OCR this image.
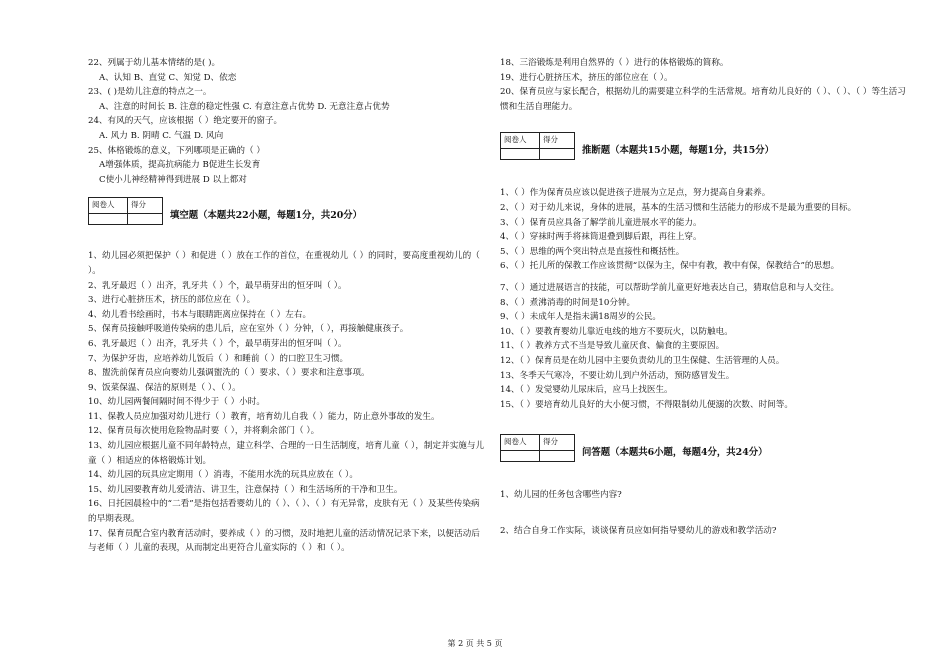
22、列属于幼儿基本情绪的是( )。
A、认知 B、直觉 C、知觉 D、依恋
23、( )是幼儿注意的特点之一。
A、注意的时间长 B. 注意的稳定性强 C. 有意注意占优势 D. 无意注意占优势
24、有风的天气，应该根据（ ）绝定要开的窗子。
A. 风力 B. 阴晴 C. 气温 D. 风向
25、体格锻炼的意义，下列哪项是正确的（ ）
A增强体质，提高抗病能力 B促进生长发育
C使小儿神经精神得到进展 D 以上都对
阅卷人	得分

填空题（本题共22小题，每题1分，共20分）
1、幼儿园必须把保护（ ）和促进（ ）放在工作的首位，在重视幼儿（ ）的同时，要高度重视幼儿的（ ）。
2、乳牙最迟（ ）出齐，乳牙共（ ）个，最早萌芽出的恒牙叫（ ）。
3、进行心脏挤压术，挤压的部位应在（ ）。
4、幼儿看书绘画时，书本与眼睛距离应保持在（ ）左右。
5、保育员接触呼吸道传染病的患儿后，应在室外（ ）分钟，（ ），再接触健康孩子。
6、乳牙最迟（ ）出齐，乳牙共（ ）个，最早萌芽出的恒牙叫（ ）。
7、为保护牙齿，应培养幼儿饭后（ ）和睡前（ ）的口腔卫生习惯。
8、盥洗前保育员应向婴幼儿强调盥洗的（ ）要求、（ ）要求和注意事项。
9、饭菜保温、保洁的原则是（ ）、（ ）。
10、幼儿园两餐间隔时间不得少于（ ）小时。
11、保教人员应加强对幼儿进行（ ）教育，培育幼儿自我（ ）能力，防止意外事故的发生。
12、保育员每次使用危险物品时要（ ），并将剩余部门（ ）。
13、幼儿园应根据儿童不同年龄特点，建立科学、合理的一日生活制度，培育儿童（ ），制定并实施与儿童（ ）相适应的体格锻炼计划。
14、幼儿园的玩具应定期用（ ）消毒，不能用水洗的玩具应放在（ ）。
15、幼儿园要教育幼儿爱清洁、讲卫生，注意保持（ ）和生活场所的干净和卫生。
16、日托园晨检中的“二看”是指包括看婴幼儿的（ ）、（ ）、（ ）有无异常，皮肤有无（ ）及某些传染病的早期表现。
17、保育员配合室内教育活动时，要养成（ ）的习惯，及时地把儿童的活动情况记录下来，以便活动后与老师（ ）儿童的表现，从而制定出更符合儿童实际的（ ）和（ ）。
18、三浴锻炼是利用自然界的（ ）进行的体格锻炼的简称。
19、进行心脏挤压术，挤压的部位应在（ ）。
20、保育员应与家长配合，根据幼儿的需要建立科学的生活常规。培育幼儿良好的（ ）、（ ）、（ ）等生活习惯和生活自理能力。
阅卷人	得分

推断题（本题共15小题，每题1分，共15分）
1、（ ）作为保育员应该以促进孩子进展为立足点，努力提高自身素养。
2、（ ）对于幼儿来说，身体的进展，基本的生活习惯和生活能力的形成不是最为重要的目标。
3、（ ）保育员应具备了解学前儿童进展水平的能力。
4、（ ）穿袜时两手将袜筒退叠到脚后跟，再往上穿。
5、（ ）思维的两个突出特点是直接性和概括性。
6、（ ）托儿所的保教工作应该贯彻“以保为主，保中有教，教中有保，保教结合”的思想。
7、（ ）通过进展语言的技能，可以帮助学前儿童更好地表达自己，猜取信息和与人交往。
8、（ ）煮沸消毒的时间是10分钟。
9、（ ）未成年人是指未满18周岁的公民。
10、（ ）要教育婴幼儿靠近电线的地方不要玩火，以防触电。
11、（ ）教养方式不当是导致儿童厌食、偏食的主要原因。
12、（ ）保育员是在幼儿园中主要负责幼儿的卫生保健、生活管理的人员。
13、冬季天气寒冷，不要让幼儿到户外活动，预防感冒发生。
14、（ ）发觉婴幼儿尿床后，应马上找医生。
15、（ ）要培育幼儿良好的大小便习惯，不得限制幼儿便溺的次数、时间等。
阅卷人	得分

问答题（本题共6小题，每题4分，共24分）
1、幼儿园的任务包含哪些内容?
2、结合自身工作实际，谈谈保育员应如何指导婴幼儿的游戏和教学活动?
第 2 页 共 5 页
